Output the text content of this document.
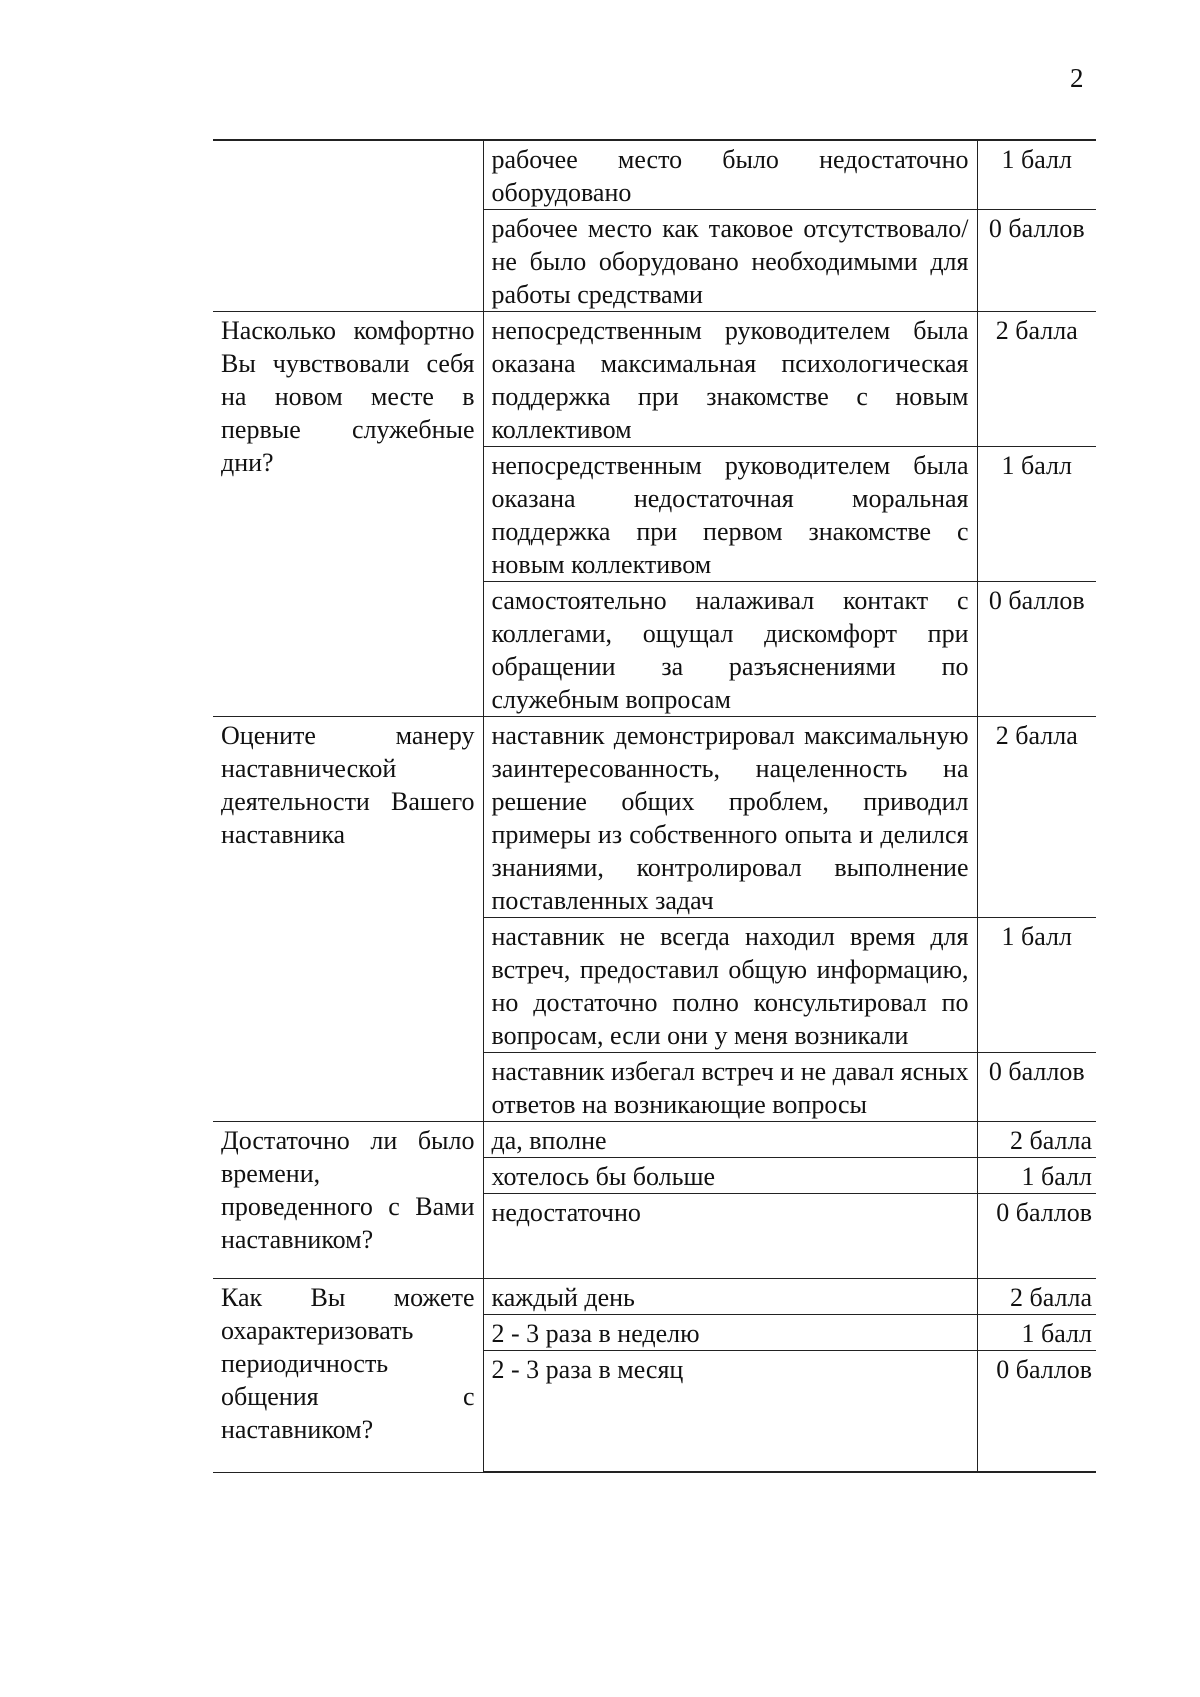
2
	рабочее место было недостаточно оборудовано	1 балл
	рабочее место как таковое отсутствовало/ не было оборудовано необходимыми для работы средствами	0 баллов
Насколько комфортно Вы чувствовали себя на новом месте в первые служебные дни?	непосредственным руководителем была оказана максимальная психологическая поддержка при знакомстве с новым коллективом	2 балла
	непосредственным руководителем была оказана недостаточная моральная поддержка при первом знакомстве с новым коллективом	1 балл
	самостоятельно налаживал контакт с коллегами, ощущал дискомфорт при обращении за разъяснениями по служебным вопросам	0 баллов
Оцените манеру наставнической деятельности Вашего наставника	наставник демонстрировал максимальную заинтересованность, нацеленность на решение общих проблем, приводил примеры из собственного опыта и делился знаниями, контролировал выполнение поставленных задач	2 балла
	наставник не всегда находил время для встреч, предоставил общую информацию, но достаточно полно консультировал по вопросам, если они у меня возникали	1 балл
	наставник избегал встреч и не давал ясных ответов на возникающие вопросы	0 баллов
Достаточно ли было времени, проведенного с Вами наставником?	да, вполне	2 балла
	хотелось бы больше	1 балл
	недостаточно	0 баллов
Как Вы можете охарактеризовать периодичность общения с наставником?	каждый день	2 балла
	2 - 3 раза в неделю	1 балл
	2 - 3 раза в месяц	0 баллов
